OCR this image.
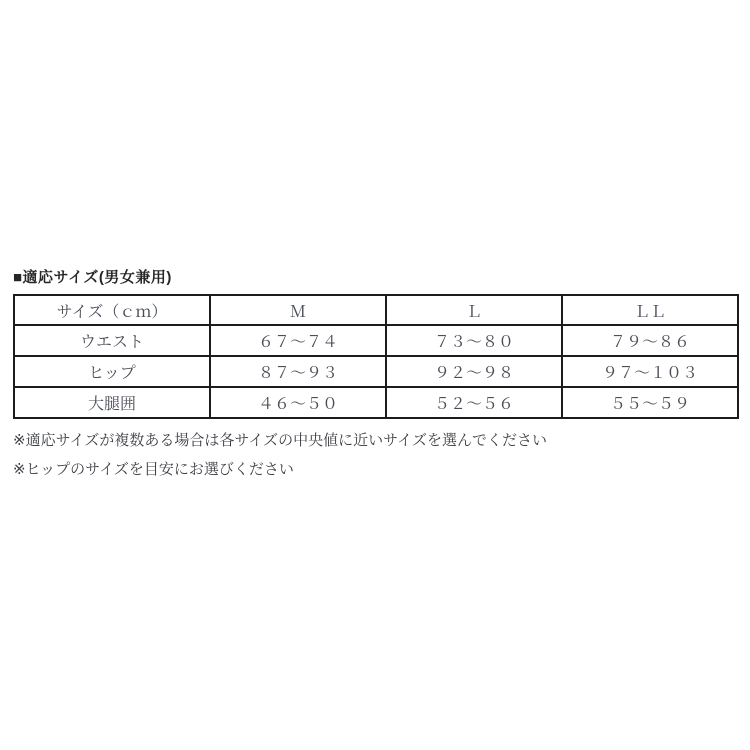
■適応サイズ(男女兼用)
サイズ（ｃｍ）	Ｍ	Ｌ	ＬＬ
ウエスト	６７～７４	７３～８０	７９～８６
ヒップ	８７～９３	９２～９８	９７～１０３
大腿囲	４６～５０	５２～５６	５５～５９
※適応サイズが複数ある場合は各サイズの中央値に近いサイズを選んでください
※ヒップのサイズを目安にお選びください
